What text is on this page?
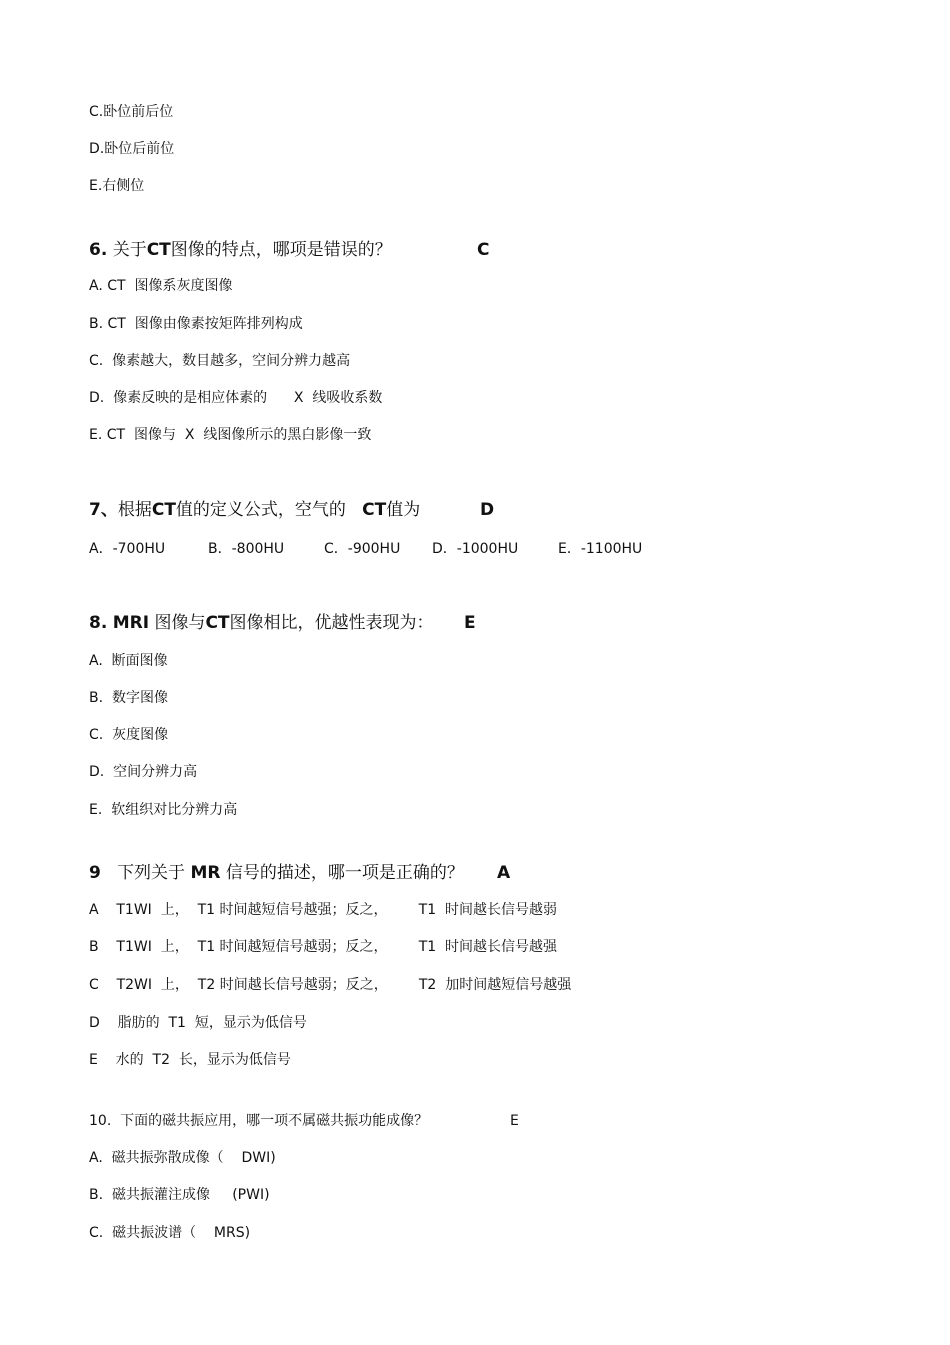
C.卧位前后位
D.卧位后前位
E.右侧位
6. 关于CT图像的特点，哪项是错误的？	C
A. CT  图像系灰度图像
B. CT  图像由像素按矩阵排列构成
C.  像素越大，数目越多，空间分辨力越高
D.  像素反映的是相应体素的      X  线吸收系数
E. CT  图像与  X  线图像所示的黑白影像一致
7、根据CT值的定义公式，空气的 CT值为	D
A．-700HU	B．-800HU	C．-900HU D．-1000HU	E．-1100HU
8. MRI 图像与CT图像相比，优越性表现为： E
A.  断面图像
B.  数字图像
C.  灰度图像
D.  空间分辨力高
E.  软组织对比分辨力高
9 下列关于 MR 信号的描述，哪一项是正确的？ A
A    T1WI  上，  T1 时间越短信号越强；反之，       T1  时间越长信号越弱
B    T1WI  上，  T1 时间越短信号越弱；反之，       T1  时间越长信号越强
C    T2WI  上，  T2 时间越长信号越弱；反之，       T2  加时间越短信号越强
D    脂肪的  T1  短，显示为低信号
E    水的  T2  长，显示为低信号
10.  下面的磁共振应用，哪一项不属磁共振功能成像？	E
A.  磁共振弥散成像（    DWI)
B.  磁共振灌注成像     (PWI)
C.  磁共振波谱（    MRS)
